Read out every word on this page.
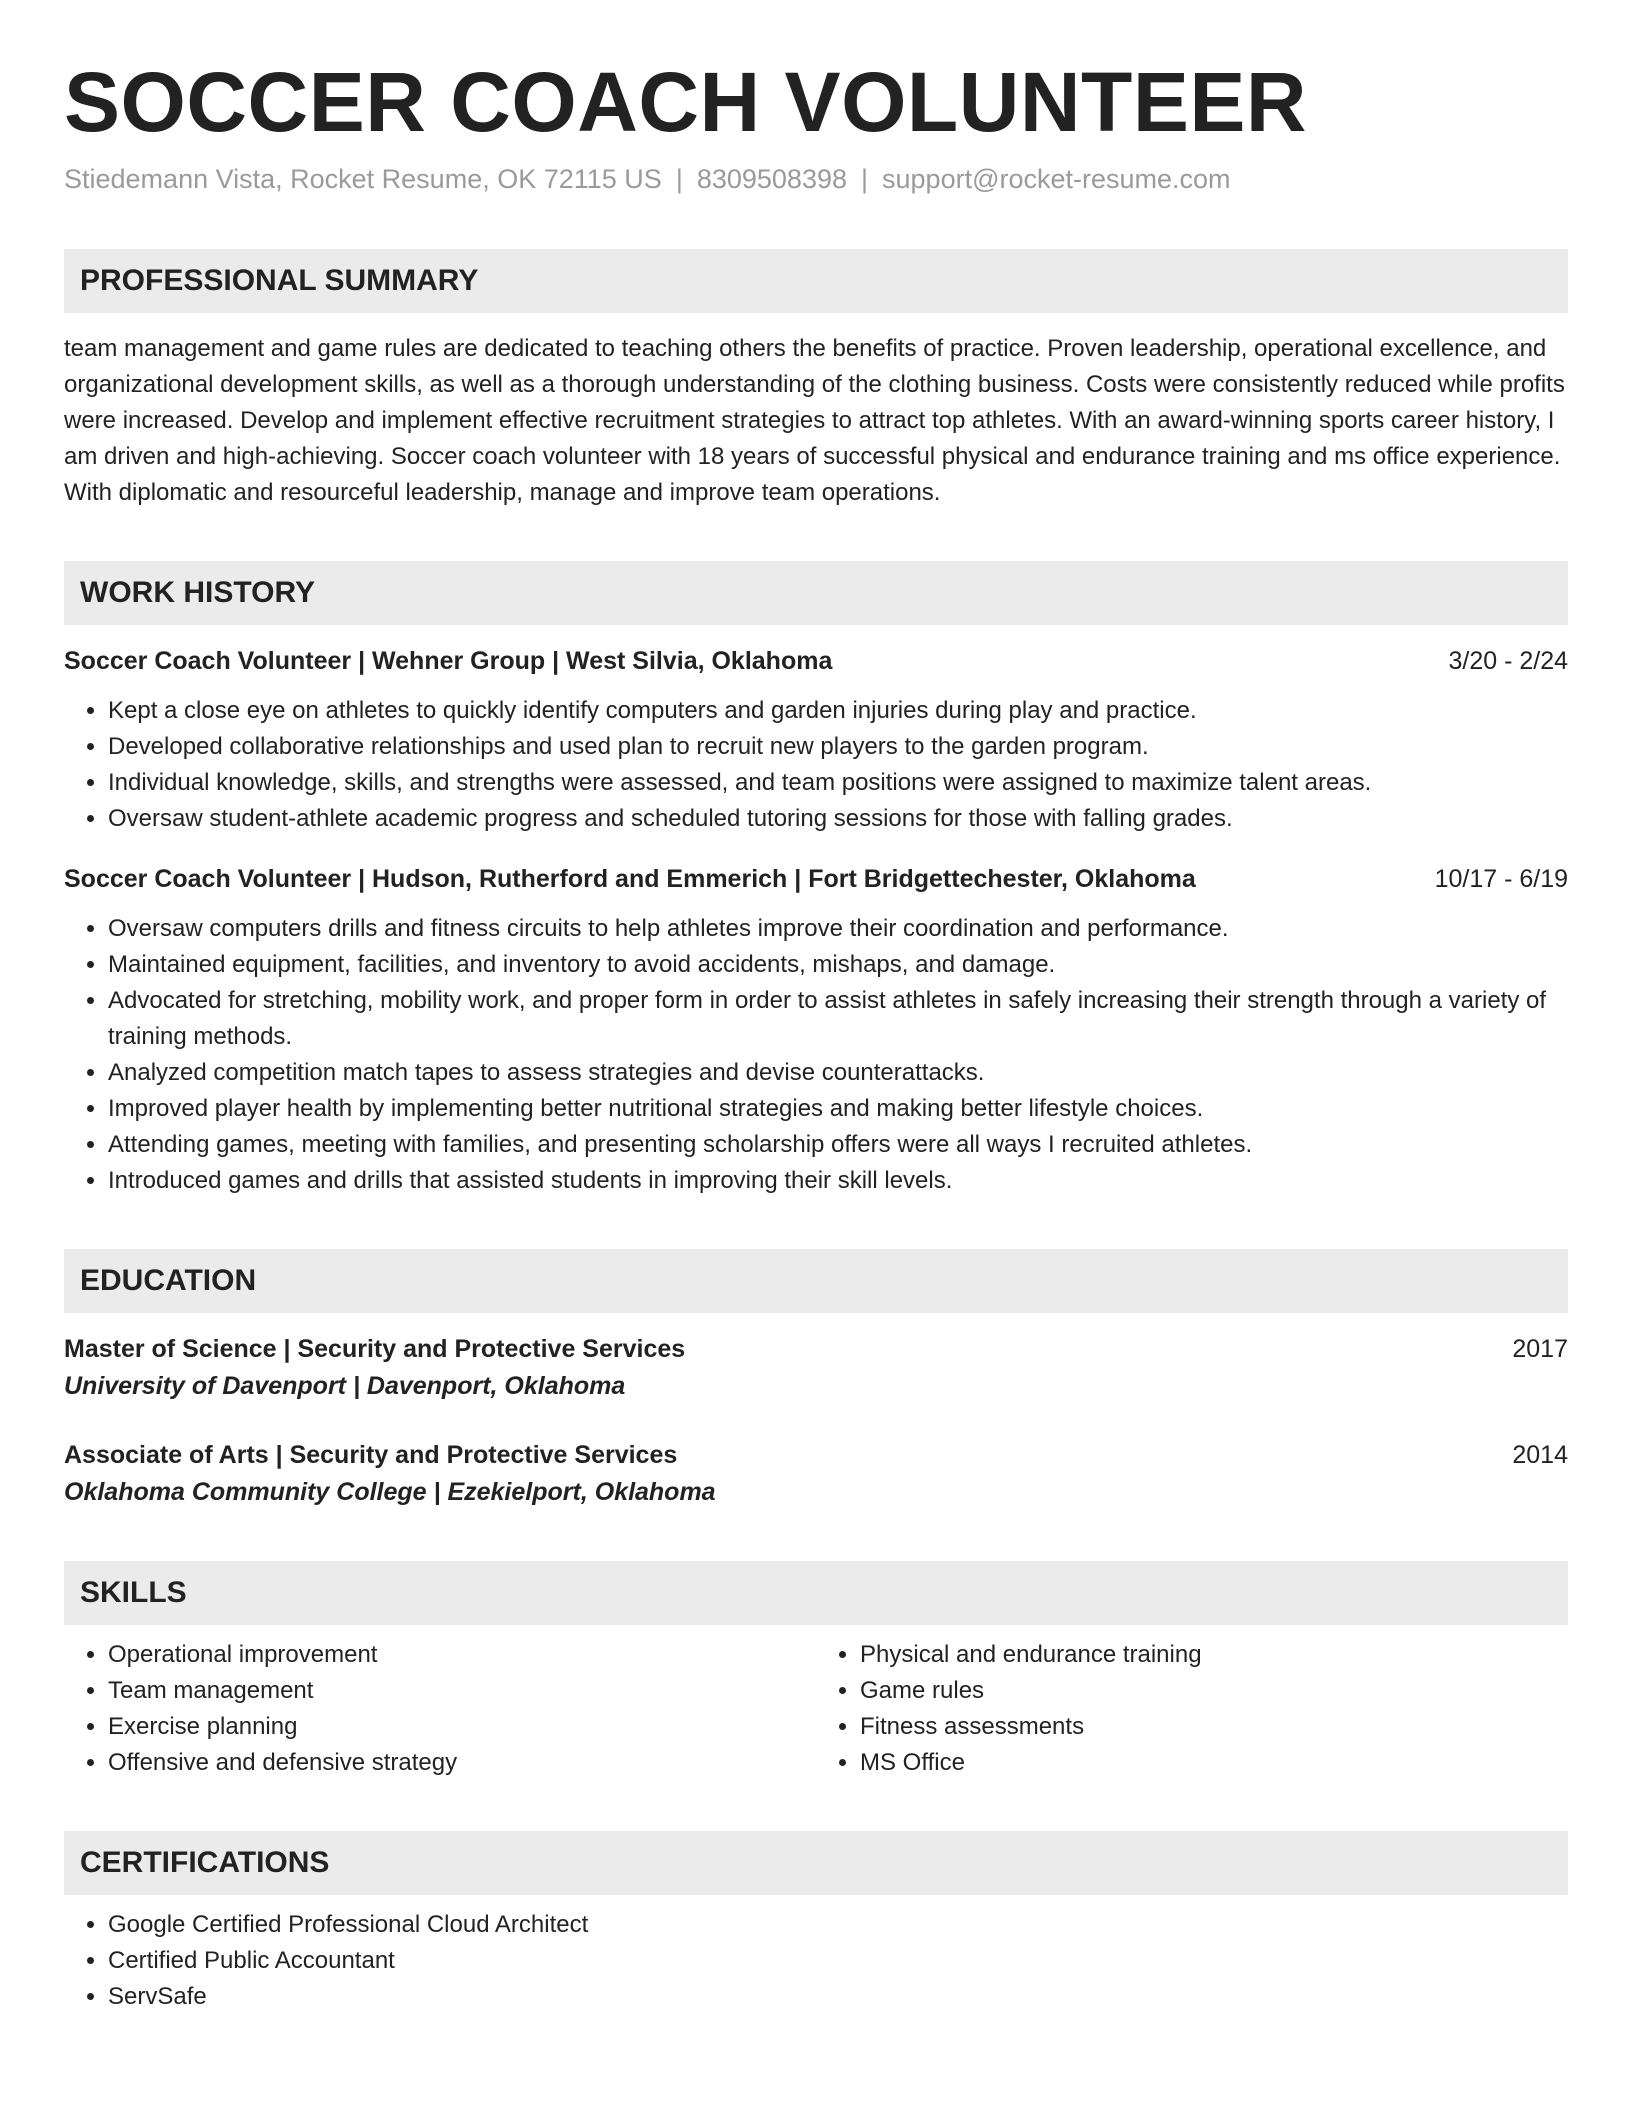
SOCCER COACH VOLUNTEER
Stiedemann Vista, Rocket Resume, OK 72115 US | 8309508398 | support@rocket-resume.com
PROFESSIONAL SUMMARY
team management and game rules are dedicated to teaching others the benefits of practice. Proven leadership, operational excellence, and organizational development skills, as well as a thorough understanding of the clothing business. Costs were consistently reduced while profits were increased. Develop and implement effective recruitment strategies to attract top athletes. With an award-winning sports career history, I am driven and high-achieving. Soccer coach volunteer with 18 years of successful physical and endurance training and ms office experience. With diplomatic and resourceful leadership, manage and improve team operations.
WORK HISTORY
Soccer Coach Volunteer | Wehner Group | West Silvia, Oklahoma	3/20 - 2/24
• Kept a close eye on athletes to quickly identify computers and garden injuries during play and practice.
• Developed collaborative relationships and used plan to recruit new players to the garden program.
• Individual knowledge, skills, and strengths were assessed, and team positions were assigned to maximize talent areas.
• Oversaw student-athlete academic progress and scheduled tutoring sessions for those with falling grades.
Soccer Coach Volunteer | Hudson, Rutherford and Emmerich | Fort Bridgettechester, Oklahoma	10/17 - 6/19
• Oversaw computers drills and fitness circuits to help athletes improve their coordination and performance.
• Maintained equipment, facilities, and inventory to avoid accidents, mishaps, and damage.
• Advocated for stretching, mobility work, and proper form in order to assist athletes in safely increasing their strength through a variety of training methods.
• Analyzed competition match tapes to assess strategies and devise counterattacks.
• Improved player health by implementing better nutritional strategies and making better lifestyle choices.
• Attending games, meeting with families, and presenting scholarship offers were all ways I recruited athletes.
• Introduced games and drills that assisted students in improving their skill levels.
EDUCATION
Master of Science | Security and Protective Services	2017
University of Davenport | Davenport, Oklahoma
Associate of Arts | Security and Protective Services	2014
Oklahoma Community College | Ezekielport, Oklahoma
SKILLS
• Operational improvement
• Team management
• Exercise planning
• Offensive and defensive strategy
• Physical and endurance training
• Game rules
• Fitness assessments
• MS Office
CERTIFICATIONS
• Google Certified Professional Cloud Architect
• Certified Public Accountant
• ServSafe
